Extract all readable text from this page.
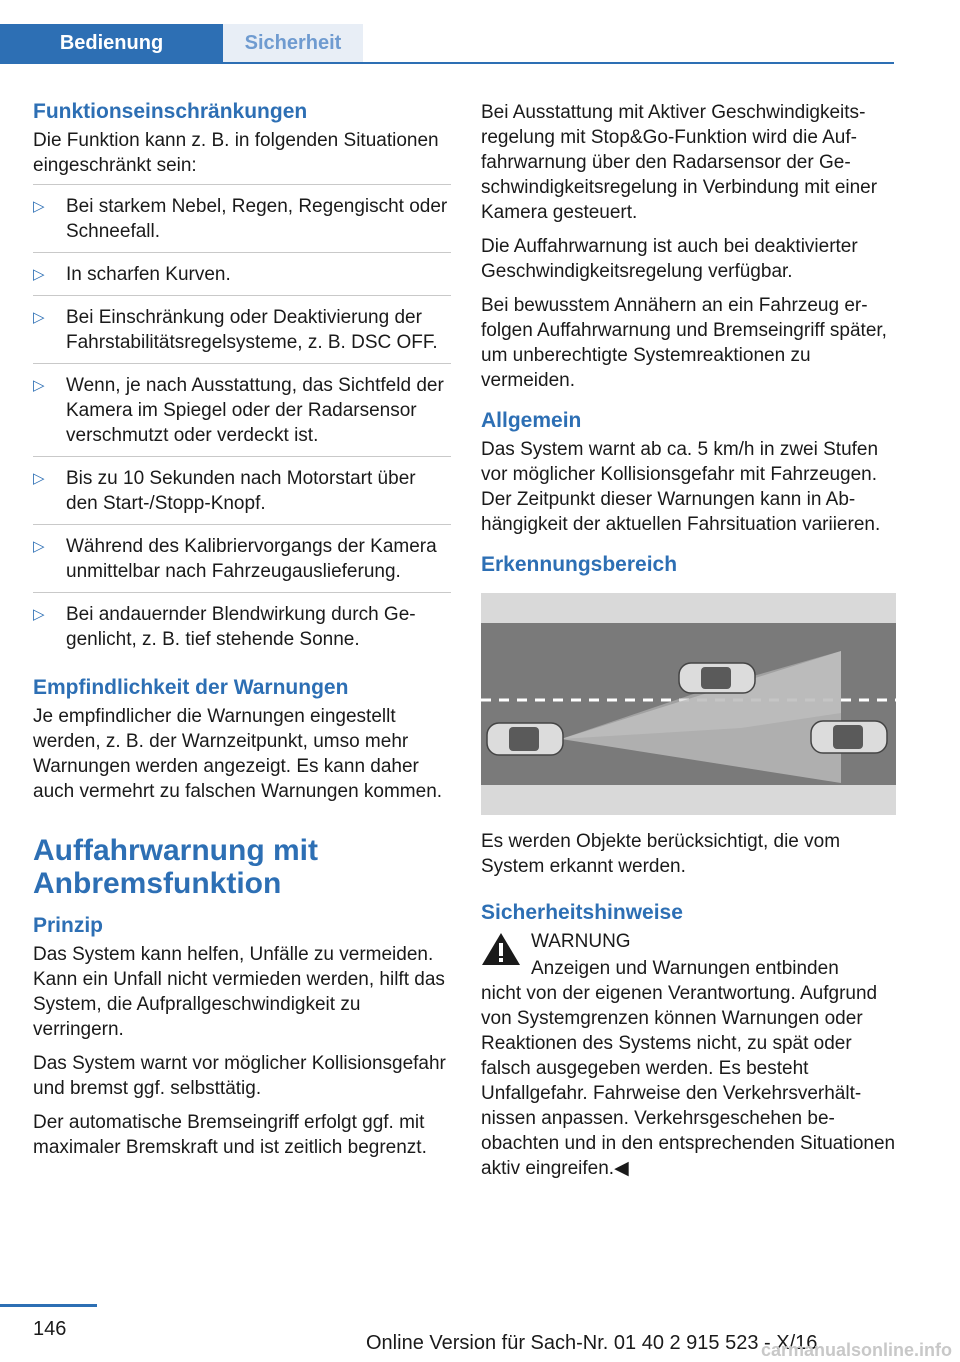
Bedienung	Sicherheit
Funktionseinschränkungen

Die Funktion kann z. B. in folgenden Situationen eingeschränkt sein:

▷	Bei starkem Nebel, Regen, Regengischt oder Schneefall.
▷	In scharfen Kurven.
▷	Bei Einschränkung oder Deaktivierung der Fahrstabilitätsregelsysteme, z. B. DSC OFF.
▷	Wenn, je nach Ausstattung, das Sichtfeld der Kamera im Spiegel oder der Radarsensor verschmutzt oder verdeckt ist.
▷	Bis zu 10 Sekunden nach Motorstart über den Start-/Stopp-Knopf.
▷	Während des Kalibriervorgangs der Kamera unmittelbar nach Fahrzeugauslieferung.
▷	Bei andauernder Blendwirkung durch Gegenlicht, z. B. tief stehende Sonne.
Empfindlichkeit der Warnungen

Je empfindlicher die Warnungen eingestellt werden, z. B. der Warnzeitpunkt, umso mehr Warnungen werden angezeigt. Es kann daher auch vermehrt zu falschen Warnungen kommen.

Auffahrwarnung mit Anbremsfunktion
Prinzip

Das System kann helfen, Unfälle zu vermeiden. Kann ein Unfall nicht vermieden werden, hilft das System, die Aufprallgeschwindigkeit zu verringern.

Das System warnt vor möglicher Kollisionsgefahr und bremst ggf. selbsttätig.

Der automatische Bremseingriff erfolgt ggf. mit maximaler Bremskraft und ist zeitlich begrenzt.

Bei Ausstattung mit Aktiver Geschwindigkeitsregelung mit Stop&Go-Funktion wird die Auffahrwarnung über den Radarsensor der Geschwindigkeitsregelung in Verbindung mit einer Kamera gesteuert.

Die Auffahrwarnung ist auch bei deaktivierter Geschwindigkeitsregelung verfügbar.

Bei bewusstem Annähern an ein Fahrzeug erfolgen Auffahrwarnung und Bremseingriff später, um unberechtigte Systemreaktionen zu vermeiden.

Allgemein

Das System warnt ab ca. 5 km/h in zwei Stufen vor möglicher Kollisionsgefahr mit Fahrzeugen. Der Zeitpunkt dieser Warnungen kann in Abhängigkeit der aktuellen Fahrsituation variieren.

Erkennungsbereich

Es werden Objekte berücksichtigt, die vom System erkannt werden.

Sicherheitshinweise
WARNUNG
Anzeigen und Warnungen entbinden

nicht von der eigenen Verantwortung. Aufgrund von Systemgrenzen können Warnungen oder Reaktionen des Systems nicht, zu spät oder falsch ausgegeben werden. Es besteht Unfallgefahr. Fahrweise den Verkehrsverhältnissen anpassen. Verkehrsgeschehen beobachten und in den entsprechenden Situationen aktiv eingreifen.◀

146
Online Version für Sach-Nr. 01 40 2 915 523 - X/16
carmanualsonline.info
